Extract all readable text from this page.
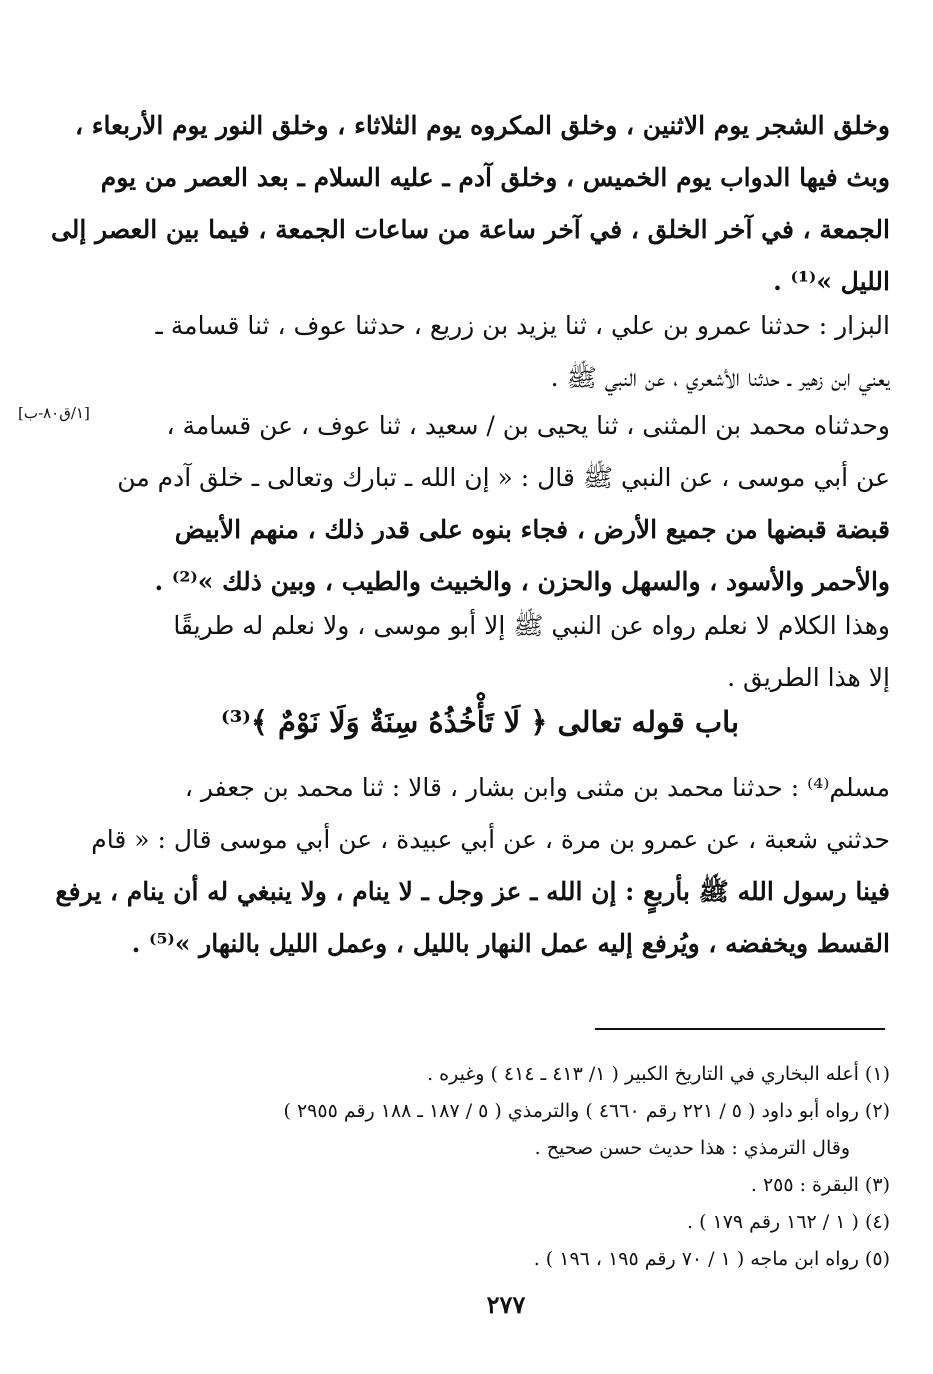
وخلق الشجر يوم الاثنين ، وخلق المكروه يوم الثلاثاء ، وخلق النور يوم الأربعاء ،
وبث فيها الدواب يوم الخميس ، وخلق آدم ـ عليه السلام ـ بعد العصر من يوم
الجمعة ، في آخر الخلق ، في آخر ساعة من ساعات الجمعة ، فيما بين العصر إلى
الليل »⁽¹⁾ .
البزار : حدثنا عمرو بن علي ، ثنا يزيد بن زريع ، حدثنا عوف ، ثنا قسامة ـ
يعني ابن زهير ـ حدثنا الأشعري ، عن النبي ﷺ .
[١/ق٨٠-ب]	وحدثناه محمد بن المثنى ، ثنا يحيى بن / سعيد ، ثنا عوف ، عن قسامة ،
عن أبي موسى ، عن النبي ﷺ قال : « إن الله ـ تبارك وتعالى ـ خلق آدم من
قبضة قبضها من جميع الأرض ، فجاء بنوه على قدر ذلك ، منهم الأبيض
والأحمر والأسود ، والسهل والحزن ، والخبيث والطيب ، وبين ذلك »⁽²⁾ .
وهذا الكلام لا نعلم رواه عن النبي ﷺ إلا أبو موسى ، ولا نعلم له طريقًا
إلا هذا الطريق .
باب قوله تعالى ﴿ لَا تَأْخُذُهُ سِنَةٌ وَلَا نَوْمٌ ﴾⁽³⁾
مسلم⁽⁴⁾ : حدثنا محمد بن مثنى وابن بشار ، قالا : ثنا محمد بن جعفر ،
حدثني شعبة ، عن عمرو بن مرة ، عن أبي عبيدة ، عن أبي موسى قال : « قام
فينا رسول الله ﷺ بأربعٍ : إن الله ـ عز وجل ـ لا ينام ، ولا ينبغي له أن ينام ، يرفع
القسط ويخفضه ، ويُرفع إليه عمل النهار بالليل ، وعمل الليل بالنهار »⁽⁵⁾ .
(١) أعله البخاري في التاريخ الكبير ( ١/ ٤١٣ ـ ٤١٤ ) وغيره .
(٢) رواه أبو داود ( ٥ / ٢٢١ رقم ٤٦٦٠ ) والترمذي ( ٥ / ١٨٧ ـ ١٨٨ رقم ٢٩٥٥ )
وقال الترمذي : هذا حديث حسن صحيح .
(٣) البقرة : ٢٥٥ .
(٤) ( ١ / ١٦٢ رقم ١٧٩ ) .
(٥) رواه ابن ماجه ( ١ / ٧٠ رقم ١٩٥ ، ١٩٦ ) .
٢٧٧
